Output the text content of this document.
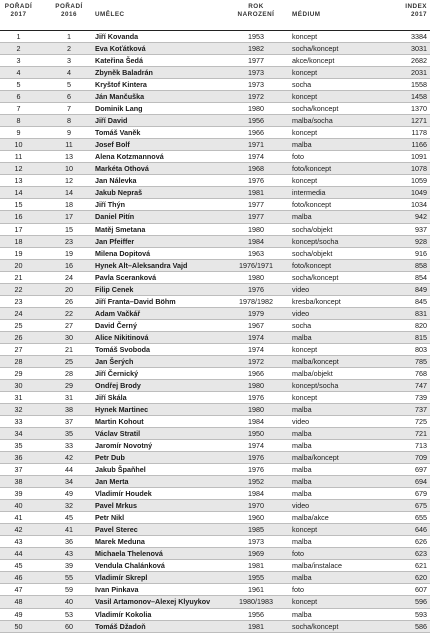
POŘADÍ
2017
POŘADÍ
2016	UMĚLEC
ROK
NAROZENÍ	MÉDIUM
INDEX
2017
1	1	Jiří Kovanda	1953	koncept	3384
2	2	Eva Koťátková	1982	socha/koncept	3031
3	3	Kateřina Šedá	1977	akce/koncept	2682
4	4	Zbyněk Baladrán	1973	koncept	2031
5	5	Kryštof Kintera	1973	socha	1558
6	6	Ján Mančuška	1972	koncept	1458
7	7	Dominik Lang	1980	socha/koncept	1370
8	8	Jiří David	1956	malba/socha	1271
9	9	Tomáš Vaněk	1966	koncept	1178
10	11	Josef Bolf	1971	malba	1166
11	13	Alena Kotzmannová	1974	foto	1091
12	10	Markéta Othová	1968	foto/koncept	1078
13	12	Jan Nálevka	1976	koncept	1059
14	14	Jakub Nepraš	1981	intermedia	1049
15	18	Jiří Thýn	1977	foto/koncept	1034
16	17	Daniel Pitín	1977	malba	942
17	15	Matěj Smetana	1980	socha/objekt	937
18	23	Jan Pfeiffer	1984	koncept/socha	928
19	19	Milena Dopitová	1963	socha/objekt	916
20	16	Hynek Alt–Aleksandra Vajd	1976/1971	foto/koncept	858
21	24	Pavla Sceranková	1980	socha/koncept	854
22	20	Filip Cenek	1976	video	849
23	26	Jiří Franta–David Böhm	1978/1982	kresba/koncept	845
24	22	Adam Vačkář	1979	video	831
25	27	David Černý	1967	socha	820
26	30	Alice Nikitinová	1974	malba	815
27	21	Tomáš Svoboda	1974	koncept	803
28	25	Jan Šerých	1972	malba/koncept	785
29	28	Jiří Černický	1966	malba/objekt	768
30	29	Ondřej Brody	1980	koncept/socha	747
31	31	Jiří Skála	1976	koncept	739
32	38	Hynek Martinec	1980	malba	737
33	37	Martin Kohout	1984	video	725
34	35	Václav Stratil	1950	malba	721
35	33	Jaromír Novotný	1974	malba	713
36	42	Petr Dub	1976	malba/koncept	709
37	44	Jakub Špaňhel	1976	malba	697
38	34	Jan Merta	1952	malba	694
39	49	Vladimír Houdek	1984	malba	679
40	32	Pavel Mrkus	1970	video	675
41	45	Petr Nikl	1960	malba/akce	655
42	41	Pavel Sterec	1985	koncept	646
43	36	Marek Meduna	1973	malba	626
44	43	Michaela Thelenová	1969	foto	623
45	39	Vendula Chalánková	1981	malba/instalace	621
46	55	Vladimír Skrepl	1955	malba	620
47	59	Ivan Pinkava	1961	foto	607
48	40	Vasil Artamonov–Alexej Klyuykov	1980/1983	koncept	596
49	53	Vladimír Kokolia	1956	malba	593
50	60	Tomáš Džadoň	1981	socha/koncept	586
